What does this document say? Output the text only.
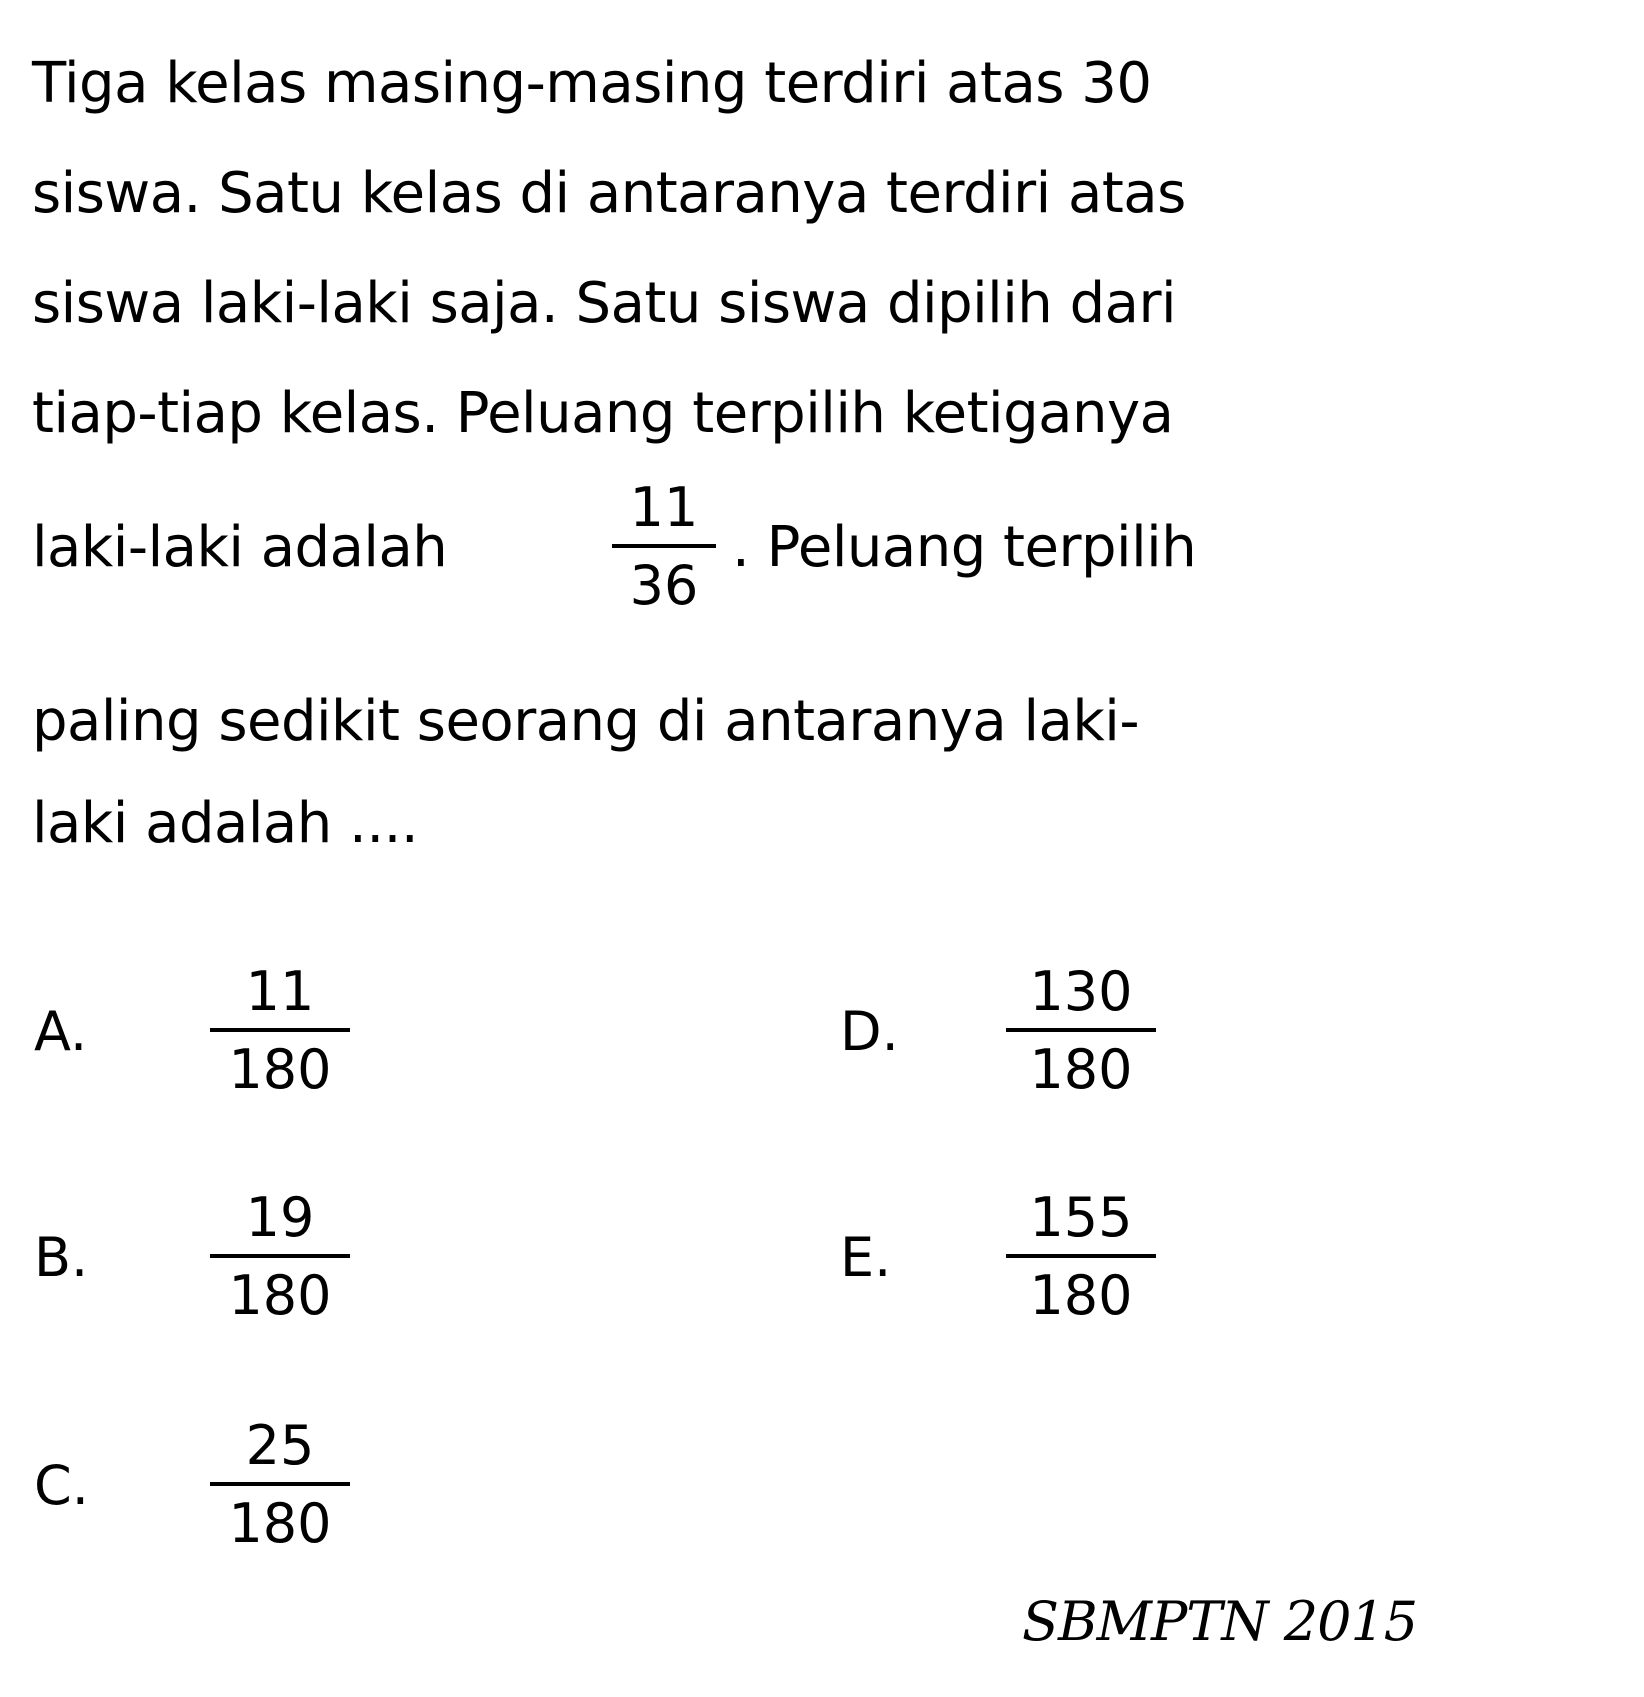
Tiga kelas masing-masing terdiri atas 30
siswa. Satu kelas di antaranya terdiri atas
siswa laki-laki saja. Satu siswa dipilih dari
tiap-tiap kelas. Peluang terpilih ketiganya
laki-laki adalah
11
36
. Peluang terpilih
paling sedikit seorang di antaranya laki-
laki adalah ....
A.
11
180
B.
19
180
C.
25
180
D.
130
180
E.
155
180
SBMPTN 2015
